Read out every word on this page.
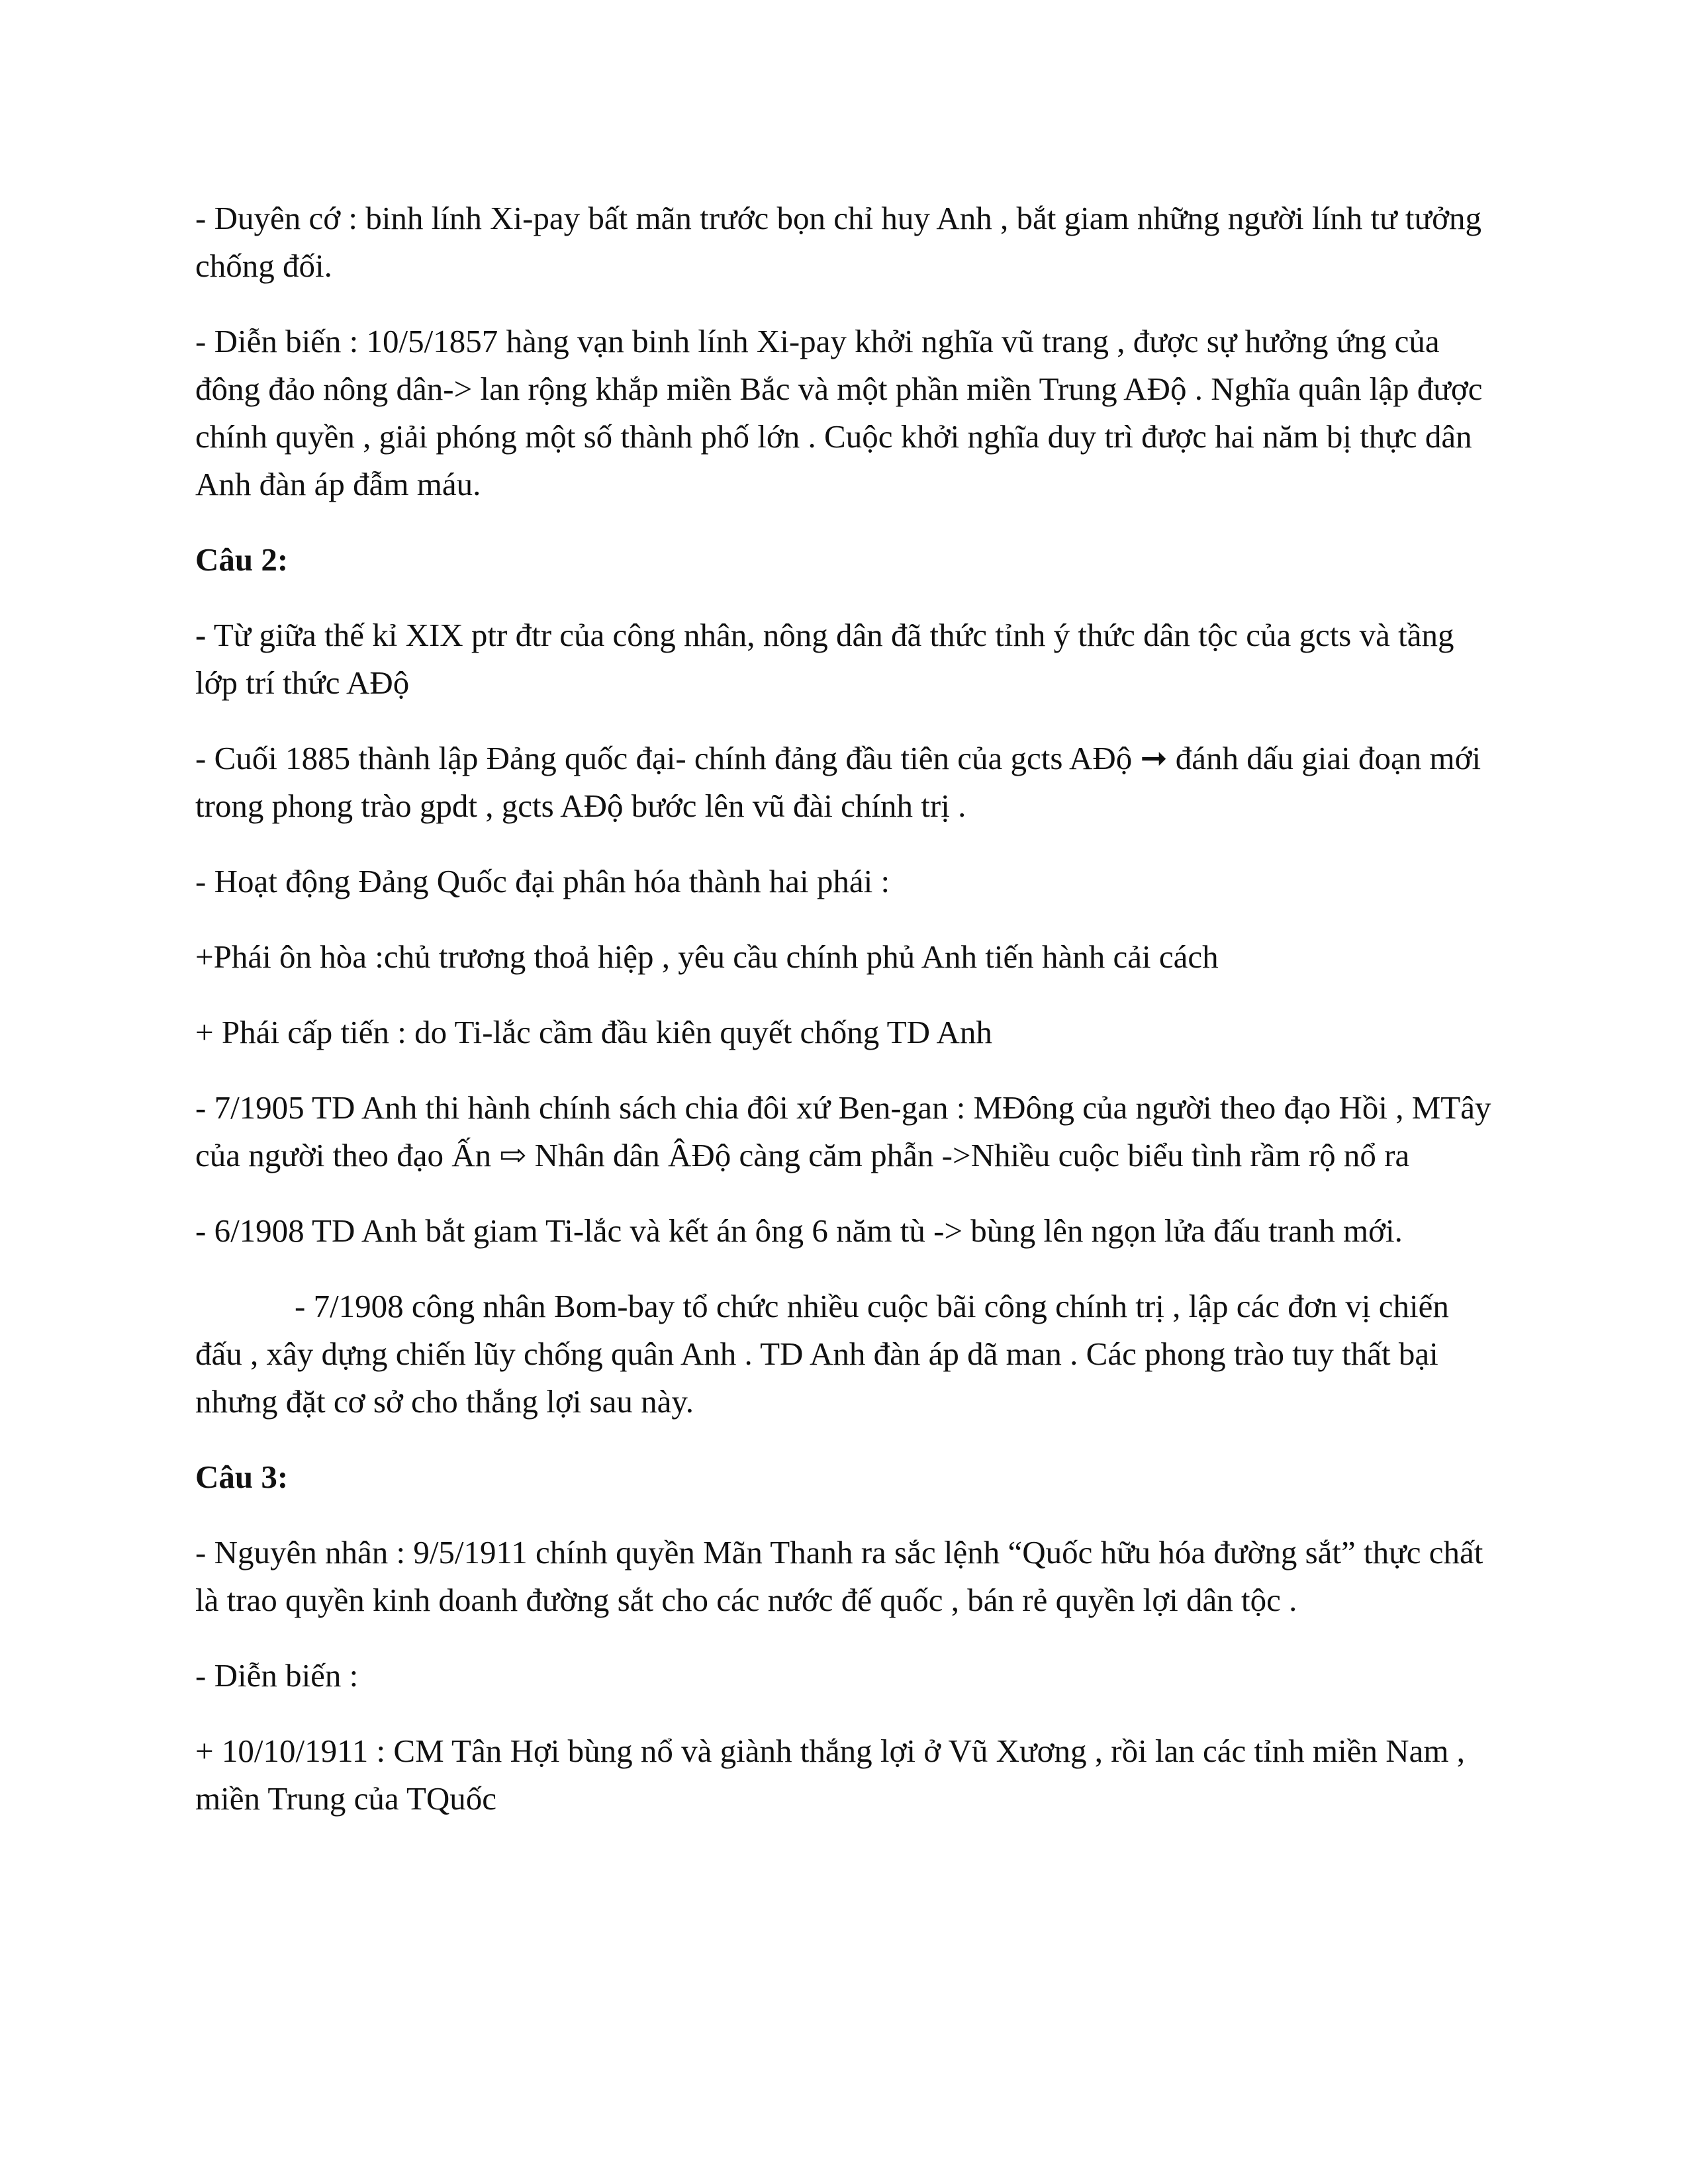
- Duyên cớ : binh lính Xi-pay bất mãn trước bọn chỉ huy Anh , bắt giam những người lính tư tưởng chống đối.

- Diễn biến : 10/5/1857 hàng vạn binh lính Xi-pay khởi nghĩa vũ trang , được sự hưởng ứng của đông đảo nông dân-> lan rộng khắp miền Bắc và một phần miền Trung AĐộ . Nghĩa quân lập được chính quyền , giải phóng một số thành phố lớn . Cuộc khởi nghĩa duy trì được hai năm bị thực dân Anh đàn áp đẫm máu.

Câu 2:

- Từ giữa thế kỉ XIX ptr đtr của công nhân, nông dân đã thức tỉnh ý thức dân tộc của gcts và tầng lớp trí thức AĐộ

- Cuối 1885 thành lập Đảng quốc đại- chính đảng đầu tiên của gcts AĐộ ➞ đánh dấu giai đoạn mới trong phong trào gpdt , gcts AĐộ bước lên vũ đài chính trị .

- Hoạt động Đảng Quốc đại phân hóa thành hai phái :

+Phái ôn hòa :chủ trương thoả hiệp , yêu cầu chính phủ Anh tiến hành cải cách

+ Phái cấp tiến : do Ti-lắc cầm đầu kiên quyết chống TD Anh

- 7/1905 TD Anh thi hành chính sách chia đôi xứ Ben-gan : MĐông của người theo đạo Hồi , MTây của người theo đạo Ấn ⇨ Nhân dân ÂĐộ càng căm phẫn ->Nhiều cuộc biểu tình rầm rộ nổ ra

- 6/1908 TD Anh bắt giam Ti-lắc và kết án ông 6 năm tù -> bùng lên ngọn lửa đấu tranh mới.

- 7/1908 công nhân Bom-bay tổ chức nhiều cuộc bãi công chính trị , lập các đơn vị chiến đấu , xây dựng chiến lũy chống quân Anh . TD Anh đàn áp dã man . Các phong trào tuy thất bại nhưng đặt cơ sở cho thắng lợi sau này.

Câu 3:

- Nguyên nhân : 9/5/1911 chính quyền Mãn Thanh ra sắc lệnh “Quốc hữu hóa đường sắt” thực chất là trao quyền kinh doanh đường sắt cho các nước đế quốc , bán rẻ quyền lợi dân tộc .

- Diễn biến :

+ 10/10/1911 : CM Tân Hợi bùng nổ và giành thắng lợi ở Vũ Xương , rồi lan các tỉnh miền Nam , miền Trung của TQuốc
